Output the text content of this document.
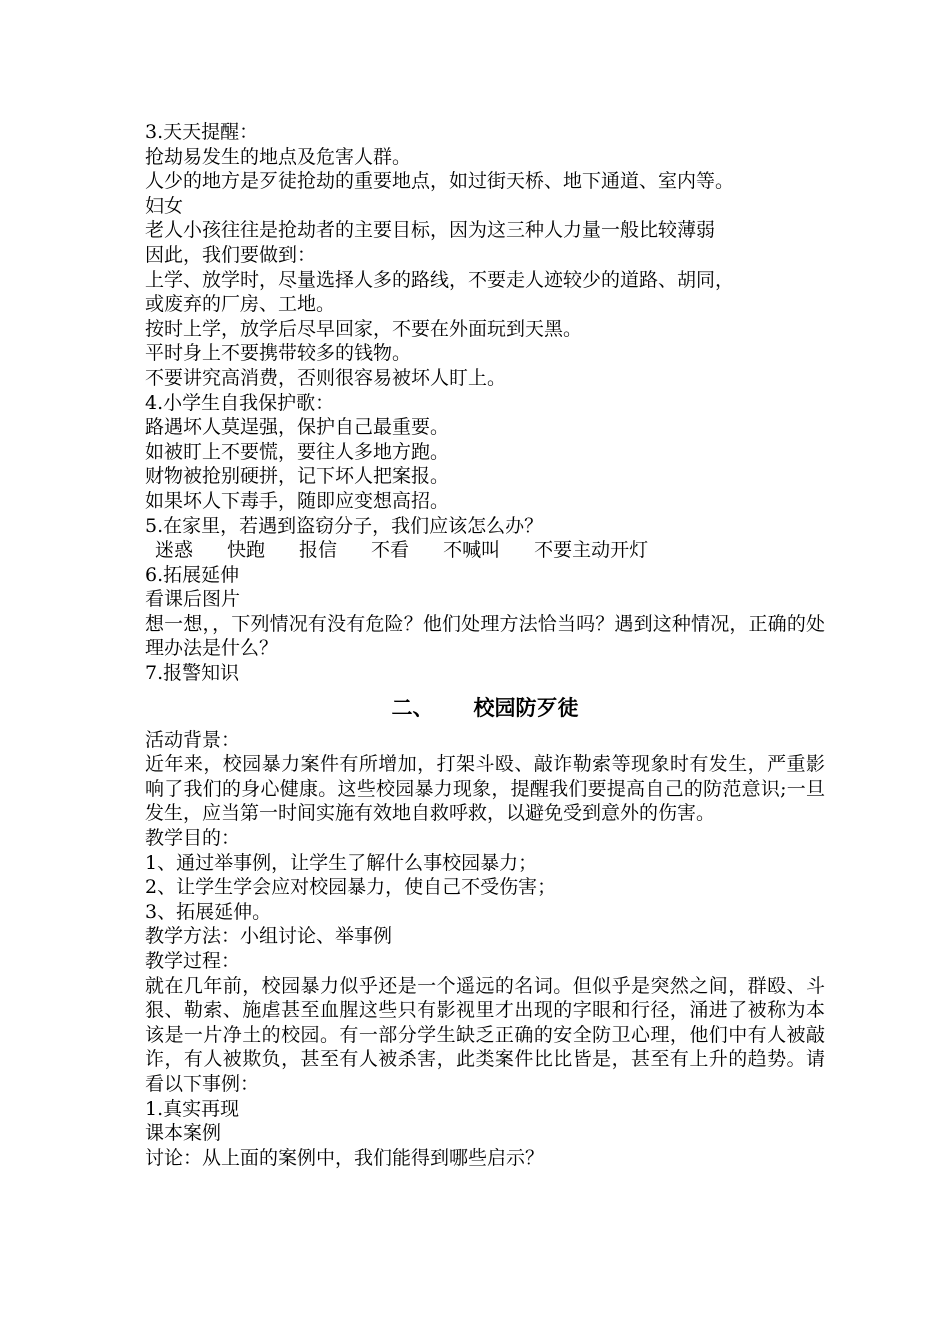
3.天天提醒：
抢劫易发生的地点及危害人群。
人少的地方是歹徒抢劫的重要地点，如过街天桥、地下通道、室内等。
妇女
老人小孩往往是抢劫者的主要目标，因为这三种人力量一般比较薄弱
因此，我们要做到：
上学、放学时，尽量选择人多的路线，不要走人迹较少的道路、胡同，
或废弃的厂房、工地。
按时上学，放学后尽早回家，不要在外面玩到天黑。
平时身上不要携带较多的钱物。
不要讲究高消费，否则很容易被坏人盯上。
4.小学生自我保护歌：
路遇坏人莫逞强，保护自己最重要。
如被盯上不要慌，要往人多地方跑。
财物被抢别硬拼，记下坏人把案报。
如果坏人下毒手，随即应变想高招。
5.在家里，若遇到盗窃分子，我们应该怎么办？
迷惑 快跑 报信 不看 不喊叫 不要主动开灯
6.拓展延伸
看课后图片
想一想，，下列情况有没有危险？他们处理方法恰当吗？遇到这种情况，正确的处理办法是什么？
7.报警知识
二、 校园防歹徒
活动背景：
近年来，校园暴力案件有所增加，打架斗殴、敲诈勒索等现象时有发生，严重影响了我们的身心健康。这些校园暴力现象，提醒我们要提高自己的防范意识;一旦发生，应当第一时间实施有效地自救呼救，以避免受到意外的伤害。
教学目的：
1、通过举事例，让学生了解什么事校园暴力；
2、让学生学会应对校园暴力，使自己不受伤害；
3、拓展延伸。
教学方法：小组讨论、举事例
教学过程：
就在几年前，校园暴力似乎还是一个遥远的名词。但似乎是突然之间，群殴、斗狠、勒索、施虐甚至血腥这些只有影视里才出现的字眼和行径，涌进了被称为本该是一片净土的校园。有一部分学生缺乏正确的安全防卫心理，他们中有人被敲诈，有人被欺负，甚至有人被杀害，此类案件比比皆是，甚至有上升的趋势。请看以下事例：
1.真实再现
课本案例
讨论：从上面的案例中，我们能得到哪些启示？
